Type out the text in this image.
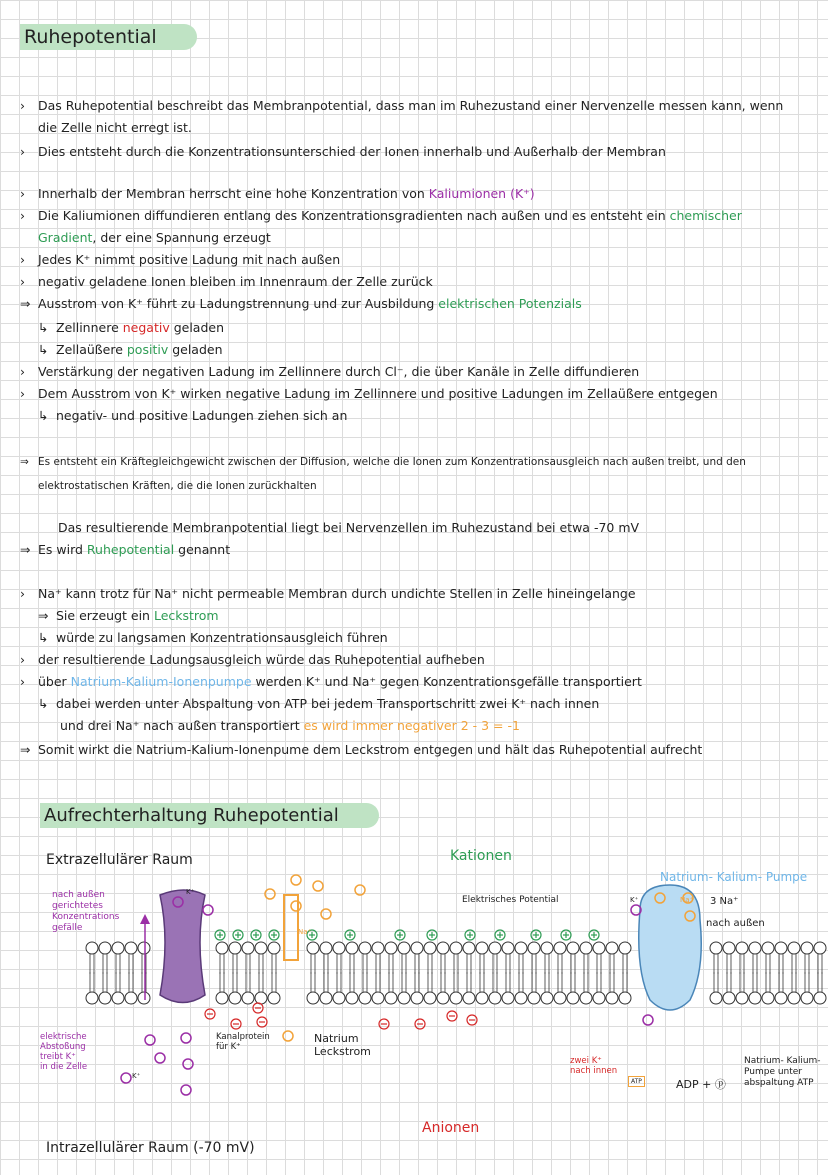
Ruhepotential
› Das Ruhepotential beschreibt das Membranpotential, dass man im Ruhezustand einer Nervenzelle messen kann, wenn
die Zelle nicht erregt ist.
› Dies entsteht durch die Konzentrationsunterschied der Ionen innerhalb und Außerhalb der Membran
› Innerhalb der Membran herrscht eine hohe Konzentration von Kaliumionen (K⁺)
› Die Kaliumionen diffundieren entlang des Konzentrationsgradienten nach außen und es entsteht ein chemischer
Gradient, der eine Spannung erzeugt
› Jedes K⁺ nimmt positive Ladung mit nach außen
› negativ geladene Ionen bleiben im Innenraum der Zelle zurück
⇒ Ausstrom von K⁺ führt zu Ladungstrennung und zur Ausbildung elektrischen Potenzials
↳ Zellinnere negativ geladen
↳ Zellaüßere positiv geladen
› Verstärkung der negativen Ladung im Zellinnere durch Cl⁻, die über Kanäle in Zelle diffundieren
› Dem Ausstrom von K⁺ wirken negative Ladung im Zellinnere und positive Ladungen im Zellaüßere entgegen
↳ negativ- und positive Ladungen ziehen sich an
⇒ Es entsteht ein Kräftegleichgewicht zwischen der Diffusion, welche die Ionen zum Konzentrationsausgleich nach außen treibt, und den
elektrostatischen Kräften, die die Ionen zurückhalten
Das resultierende Membranpotential liegt bei Nervenzellen im Ruhezustand bei etwa -70 mV
⇒ Es wird Ruhepotential genannt
› Na⁺ kann trotz für Na⁺ nicht permeable Membran durch undichte Stellen in Zelle hineingelange
⇒ Sie erzeugt ein Leckstrom
↳ würde zu langsamen Konzentrationsausgleich führen
› der resultierende Ladungsausgleich würde das Ruhepotential aufheben
› über Natrium-Kalium-Ionenpumpe werden K⁺ und Na⁺ gegen Konzentrationsgefälle transportiert
↳ dabei werden unter Abspaltung von ATP bei jedem Transportschritt zwei K⁺ nach innen
und drei Na⁺ nach außen transportiert es wird immer negativer 2 - 3 = -1
⇒ Somit wirkt die Natrium-Kalium-Ionenpume dem Leckstrom entgegen und hält das Ruhepotential aufrecht
Aufrechterhaltung Ruhepotential
Extrazellulärer Raum	Kationen
Natrium- Kalium- Pumpe
Elektrisches Potential
nach außen
gerichtetes
Konzentrations
gefälle
elektrische
Abstoßung
treibt K⁺
in die Zelle
Kanalprotein
für K⁺
Natrium
Leckstrom
zwei K⁺
nach innen
3 Na⁺
nach außen
ATP	ADP + ⓟ
Natrium- Kalium-
Pumpe unter
abspaltung ATP
Anionen
Intrazellulärer Raum (-70 mV)
K⁺
K⁺
Na⁺
K⁺	Na⁺
